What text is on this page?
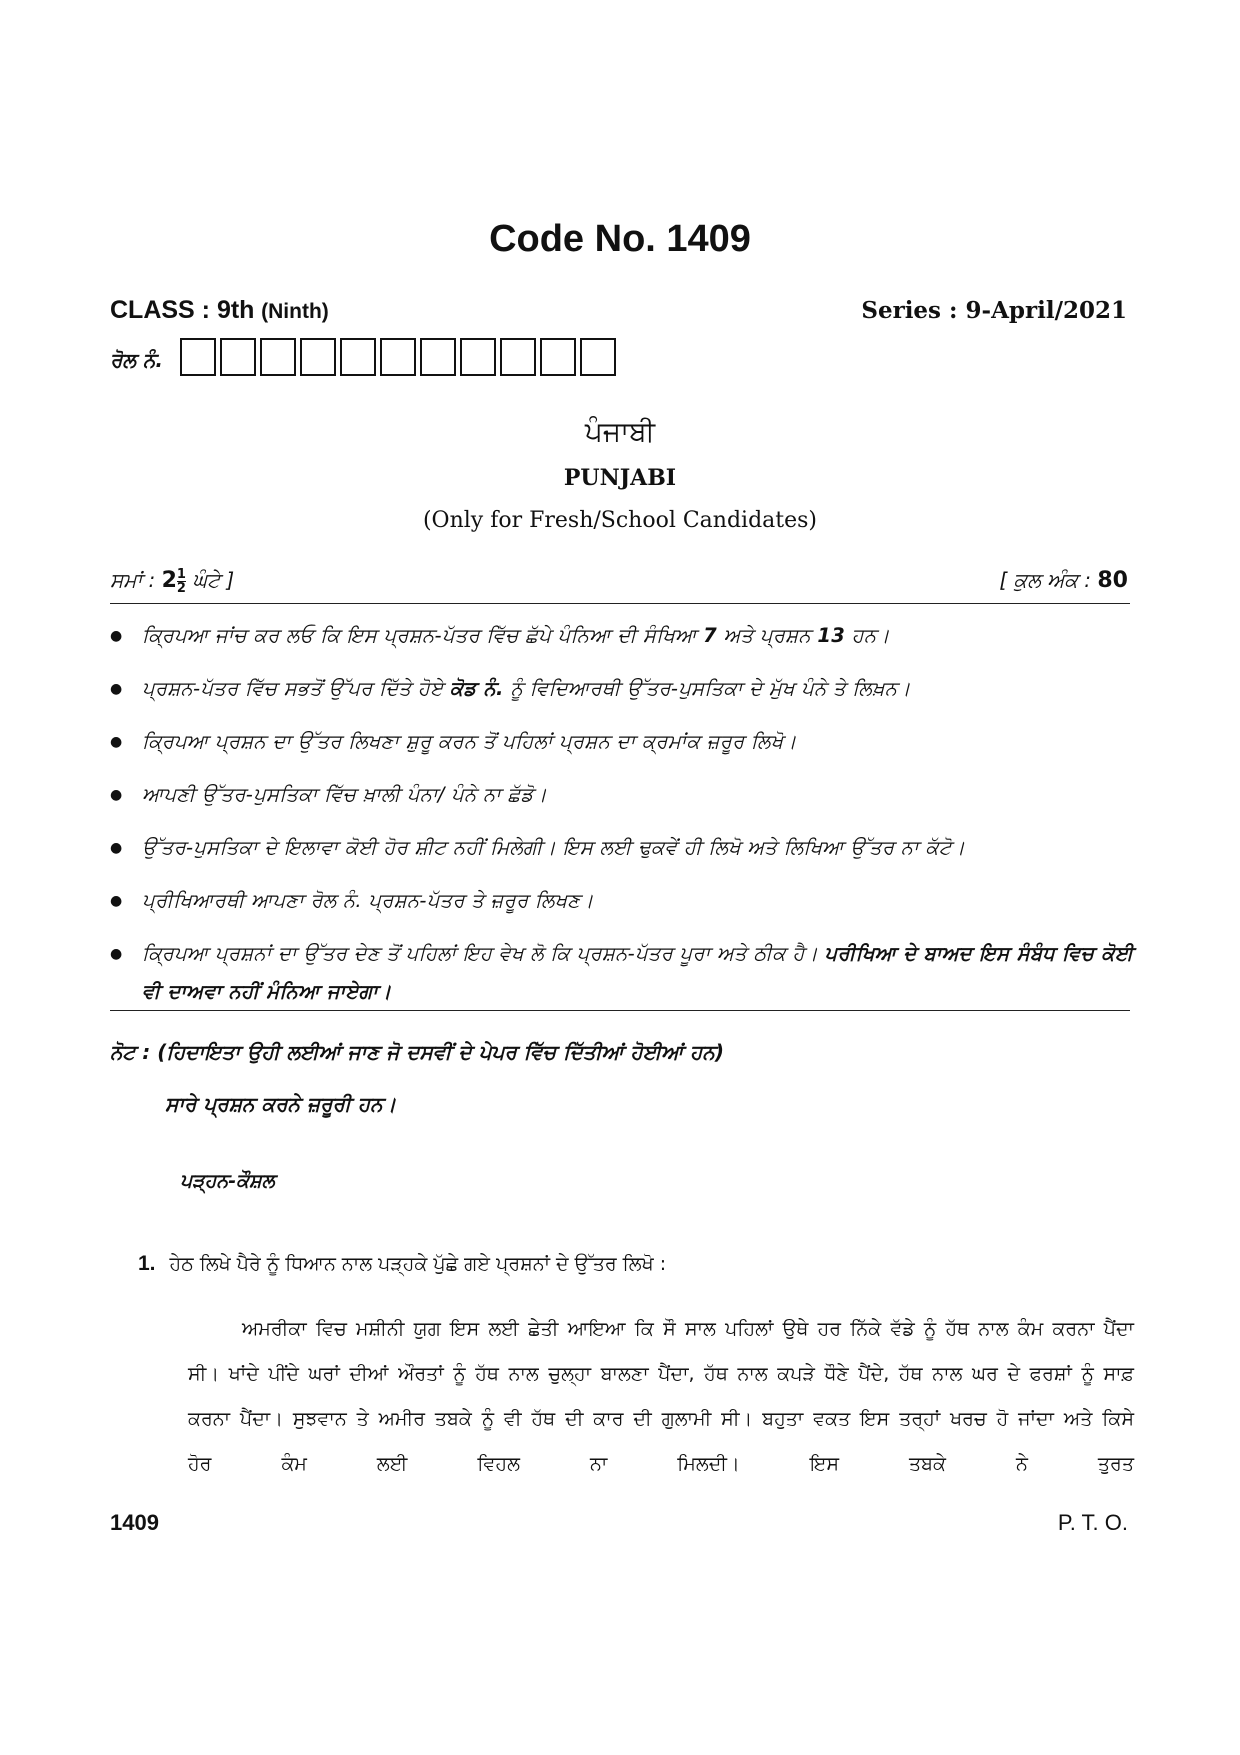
Code No. 1409
CLASS : 9th (Ninth)	Series : 9-April/2021
ਰੋਲ ਨੰ.
ਪੰਜਾਬੀ
PUNJABI
(Only for Fresh/School Candidates)
ਸਮਾਂ : $2 \frac{1}{2}$ ਘੰਟੇ ]	[ ਕੁਲ ਅੰਕ : 80
● ਕ੍ਰਿਪਆ ਜਾਂਚ ਕਰ ਲਓ ਕਿ ਇਸ ਪ੍ਰਸ਼ਨ-ਪੱਤਰ ਵਿੱਚ ਛੱਪੇ ਪੰਨਿਆ ਦੀ ਸੰਖਿਆ 7 ਅਤੇ ਪ੍ਰਸ਼ਨ 13 ਹਨ।
● ਪ੍ਰਸ਼ਨ-ਪੱਤਰ ਵਿੱਚ ਸਭਤੋਂ ਉੱਪਰ ਦਿੱਤੇ ਹੋਏ ਕੋਡ ਨੰ. ਨੂੰ ਵਿਦਿਆਰਥੀ ਉੱਤਰ-ਪੁਸਤਿਕਾ ਦੇ ਮੁੱਖ ਪੰਨੇ ਤੇ ਲਿਖ਼ਨ।
● ਕ੍ਰਿਪਆ ਪ੍ਰਸ਼ਨ ਦਾ ਉੱਤਰ ਲਿਖਣਾ ਸ਼ੁਰੂ ਕਰਨ ਤੋਂ ਪਹਿਲਾਂ ਪ੍ਰਸ਼ਨ ਦਾ ਕ੍ਰਮਾਂਕ ਜ਼ਰੂਰ ਲਿਖੋ।
● ਆਪਣੀ ਉੱਤਰ-ਪੁਸਤਿਕਾ ਵਿੱਚ ਖ਼ਾਲੀ ਪੰਨਾ/ ਪੰਨੇ ਨਾ ਛੱਡੋ।
● ਉੱਤਰ-ਪੁਸਤਿਕਾ ਦੇ ਇਲਾਵਾ ਕੋਈ ਹੋਰ ਸ਼ੀਟ ਨਹੀਂ ਮਿਲੇਗੀ। ਇਸ ਲਈ ਢੁਕਵੇਂ ਹੀ ਲਿਖੋ ਅਤੇ ਲਿਖਿਆ ਉੱਤਰ ਨਾ ਕੱਟੋ।
● ਪ੍ਰੀਖਿਆਰਥੀ ਆਪਣਾ ਰੋਲ ਨੰ. ਪ੍ਰਸ਼ਨ-ਪੱਤਰ ਤੇ ਜ਼ਰੂਰ ਲਿਖਣ।
● ਕ੍ਰਿਪਆ ਪ੍ਰਸ਼ਨਾਂ ਦਾ ਉੱਤਰ ਦੇਣ ਤੋਂ ਪਹਿਲਾਂ ਇਹ ਵੇਖ ਲੋ ਕਿ ਪ੍ਰਸ਼ਨ-ਪੱਤਰ ਪੂਰਾ ਅਤੇ ਠੀਕ ਹੈ। ਪਰੀਖਿਆ ਦੇ ਬਾਅਦ ਇਸ ਸੰਬੰਧ ਵਿਚ ਕੋਈ ਵੀ ਦਾਅਵਾ ਨਹੀਂ ਮੰਨਿਆ ਜਾਏਗਾ।
ਨੋਟ : (ਹਿਦਾਇਤਾ ਉਹੀ ਲਈਆਂ ਜਾਣ ਜੋ ਦਸਵੀਂ ਦੇ ਪੇਪਰ ਵਿੱਚ ਦਿੱਤੀਆਂ ਹੋਈਆਂ ਹਨ)
ਸਾਰੇ ਪ੍ਰਸ਼ਨ ਕਰਨੇ ਜ਼ਰੂਰੀ ਹਨ।
ਪੜ੍ਹਨ-ਕੌਸ਼ਲ
1. ਹੇਠ ਲਿਖੇ ਪੈਰੇ ਨੂੰ ਧਿਆਨ ਨਾਲ ਪੜ੍ਹਕੇ ਪੁੱਛੇ ਗਏ ਪ੍ਰਸ਼ਨਾਂ ਦੇ ਉੱਤਰ ਲਿਖੋ :
ਅਮਰੀਕਾ ਵਿਚ ਮਸ਼ੀਨੀ ਯੁਗ ਇਸ ਲਈ ਛੇਤੀ ਆਇਆ ਕਿ ਸੌ ਸਾਲ ਪਹਿਲਾਂ ਉਥੇ ਹਰ ਨਿੱਕੇ ਵੱਡੇ ਨੂੰ ਹੱਥ ਨਾਲ ਕੰਮ ਕਰਨਾ ਪੈਂਦਾ ਸੀ। ਖਾਂਦੇ ਪੀਂਦੇ ਘਰਾਂ ਦੀਆਂ ਔਰਤਾਂ ਨੂੰ ਹੱਥ ਨਾਲ ਚੁਲ੍ਹਾ ਬਾਲਣਾ ਪੈਂਦਾ, ਹੱਥ ਨਾਲ ਕਪੜੇ ਧੌਣੇ ਪੈਂਦੇ, ਹੱਥ ਨਾਲ ਘਰ ਦੇ ਫਰਸ਼ਾਂ ਨੂੰ ਸਾਫ਼ ਕਰਨਾ ਪੈਂਦਾ। ਸੁਝਵਾਨ ਤੇ ਅਮੀਰ ਤਬਕੇ ਨੂੰ ਵੀ ਹੱਥ ਦੀ ਕਾਰ ਦੀ ਗੁਲਾਮੀ ਸੀ। ਬਹੁਤਾ ਵਕਤ ਇਸ ਤਰ੍ਹਾਂ ਖਰਚ ਹੋ ਜਾਂਦਾ ਅਤੇ ਕਿਸੇ ਹੋਰ ਕੰਮ ਲਈ ਵਿਹਲ ਨਾ ਮਿਲਦੀ। ਇਸ ਤਬਕੇ ਨੇ ਤੁਰਤ
1409	P. T. O.
